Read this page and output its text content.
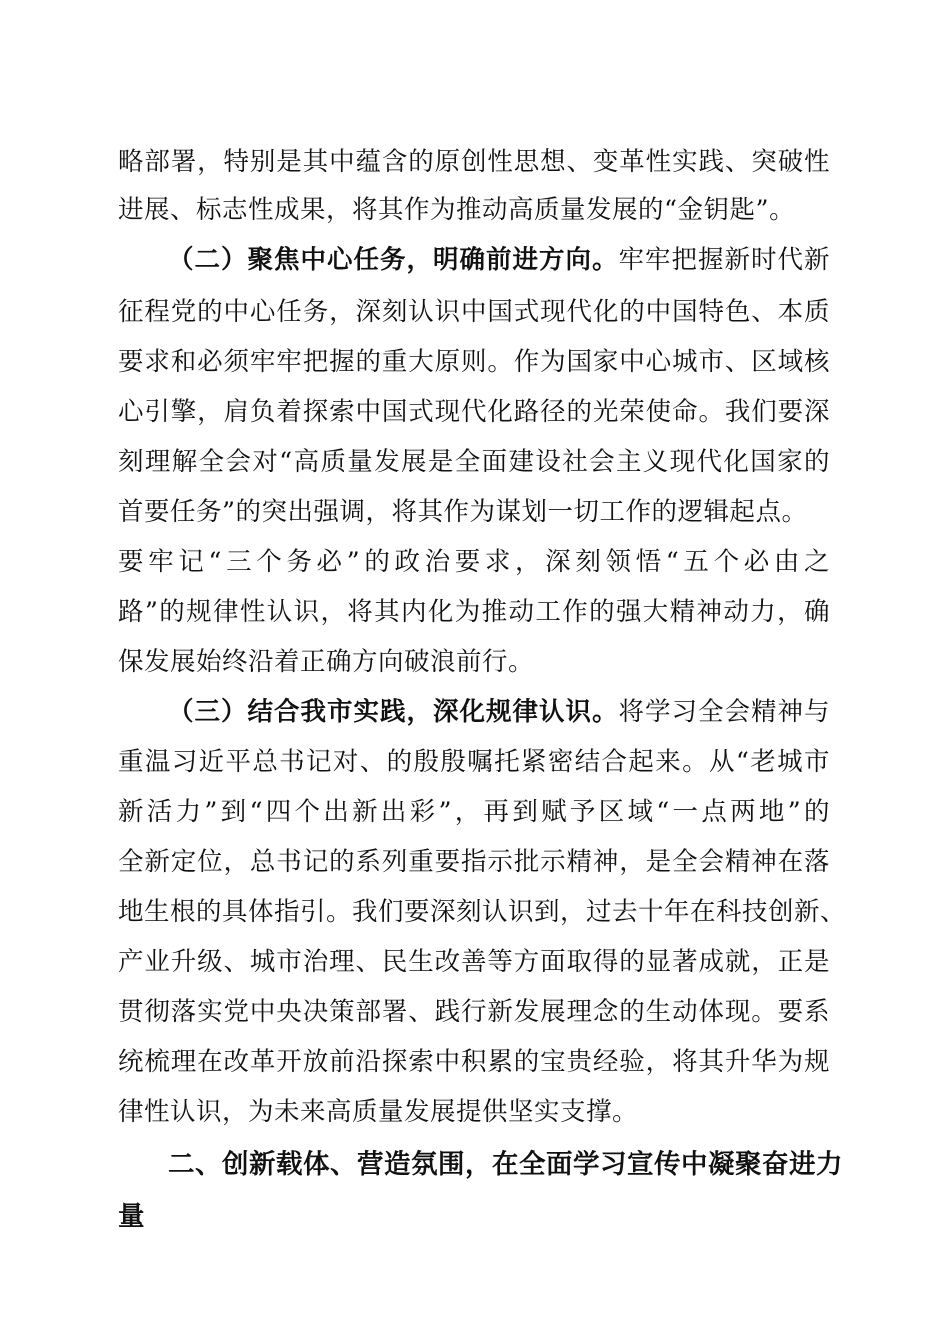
略部署，特别是其中蕴含的原创性思想、变革性实践、突破性
进展、标志性成果，将其作为推动高质量发展的“金钥匙”。
（二）聚焦中心任务，明确前进方向。牢牢把握新时代新
征程党的中心任务，深刻认识中国式现代化的中国特色、本质
要求和必须牢牢把握的重大原则。作为国家中心城市、区域核
心引擎，肩负着探索中国式现代化路径的光荣使命。我们要深
刻理解全会对“高质量发展是全面建设社会主义现代化国家的
首要任务”的突出强调，将其作为谋划一切工作的逻辑起点。
要牢记“三个务必”的政治要求，深刻领悟“五个必由之
路”的规律性认识，将其内化为推动工作的强大精神动力，确
保发展始终沿着正确方向破浪前行。
（三）结合我市实践，深化规律认识。将学习全会精神与
重温习近平总书记对、的殷殷嘱托紧密结合起来。从“老城市
新活力”到“四个出新出彩”，再到赋予区域“一点两地”的
全新定位，总书记的系列重要指示批示精神，是全会精神在落
地生根的具体指引。我们要深刻认识到，过去十年在科技创新、
产业升级、城市治理、民生改善等方面取得的显著成就，正是
贯彻落实党中央决策部署、践行新发展理念的生动体现。要系
统梳理在改革开放前沿探索中积累的宝贵经验，将其升华为规
律性认识，为未来高质量发展提供坚实支撑。
二、创新载体、营造氛围，在全面学习宣传中凝聚奋进力
量
